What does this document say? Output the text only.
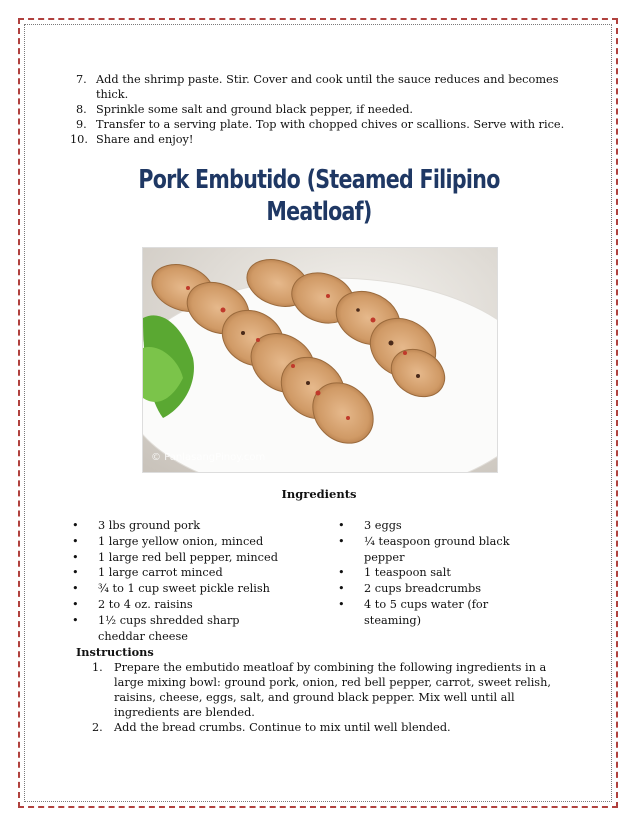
7. Add the shrimp paste. Stir. Cover and cook until the sauce reduces and becomes thick.
8. Sprinkle some salt and ground black pepper, if needed.
9. Transfer to a serving plate. Top with chopped chives or scallions. Serve with rice.
10. Share and enjoy!
Pork Embutido (Steamed Filipino
Meatloaf)
© PanlasangPinoy.com
Ingredients
• 3 lbs ground pork
• 1 large yellow onion, minced
• 1 large red bell pepper, minced
• 1 large carrot minced
• ¾ to 1 cup sweet pickle relish
• 2 to 4 oz. raisins
• 1½ cups shredded sharp cheddar cheese
• 3 eggs
• ¼ teaspoon ground black pepper
• 1 teaspoon salt
• 2 cups breadcrumbs
• 4 to 5 cups water (for steaming)
Instructions
1. Prepare the embutido meatloaf by combining the following ingredients in a large mixing bowl: ground pork, onion, red bell pepper, carrot, sweet relish, raisins, cheese, eggs, salt, and ground black pepper. Mix well until all ingredients are blended.
2. Add the bread crumbs. Continue to mix until well blended.
